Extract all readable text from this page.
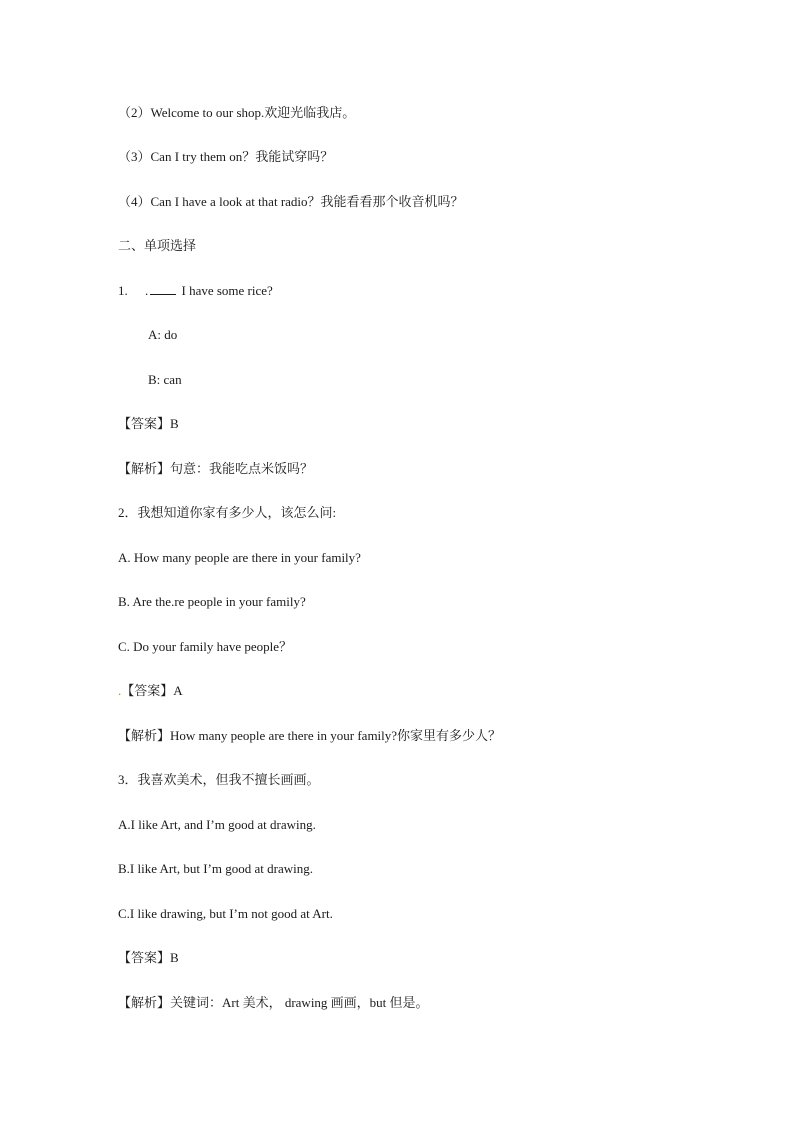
（2）Welcome to our shop.欢迎光临我店。
（3）Can I try them on？我能试穿吗？
（4）Can I have a look at that radio？我能看看那个收音机吗？
二、单项选择
1. .	I have some rice?
A: do
B: can
【答案】B
【解析】句意：我能吃点米饭吗？
2．我想知道你家有多少人，该怎么问:
A. How many people are there in your family?
B. Are the.re people in your family?
C. Do your family have people？
.【答案】A
【解析】How many people are there in your family?你家里有多少人？
3．我喜欢美术，但我不擅长画画。
A.I like Art, and I’m good at drawing.
B.I like Art, but I’m good at drawing.
C.I like drawing, but I’m not good at Art.
【答案】B
【解析】关键词：Art 美术， drawing 画画，but 但是。
